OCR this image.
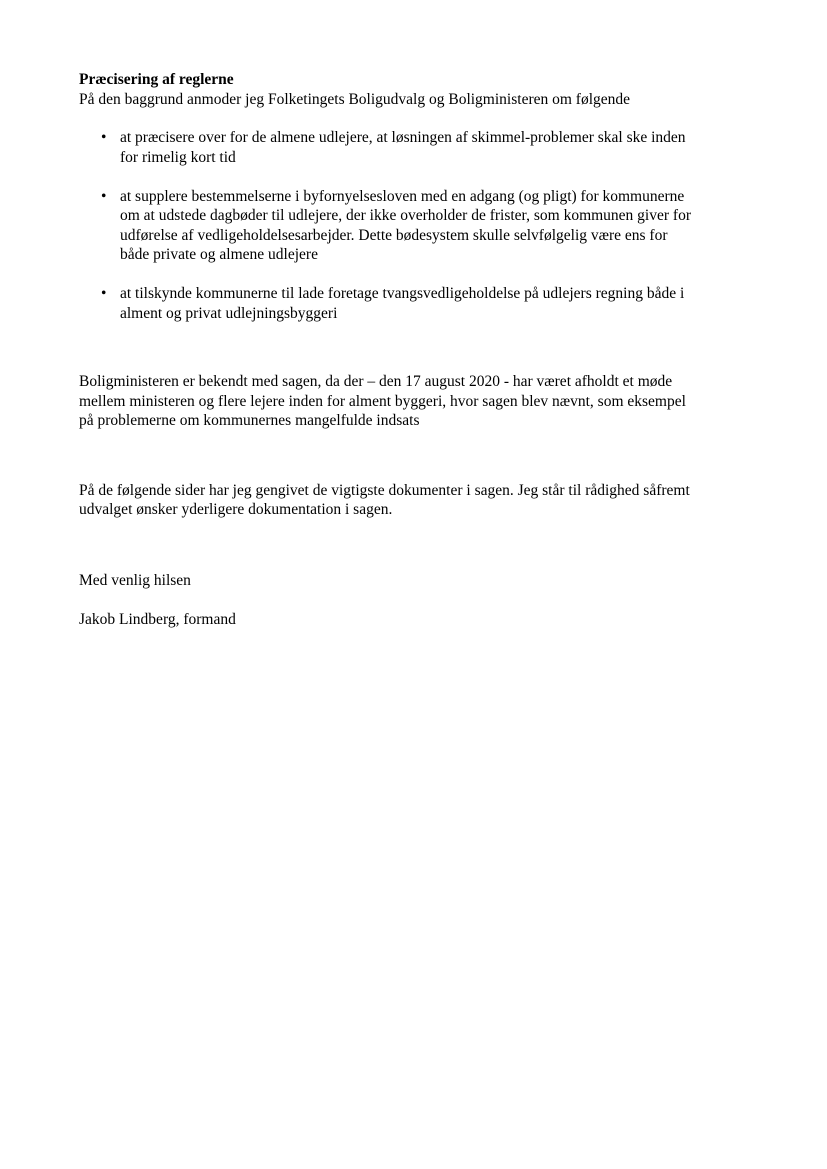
Præcisering af reglerne

På den baggrund anmoder jeg Folketingets Boligudvalg og Boligministeren om følgende

• at præcisere over for de almene udlejere, at løsningen af skimmel-problemer skal ske inden
for rimelig kort tid
• at supplere bestemmelserne i byfornyelsesloven med en adgang (og pligt) for kommunerne
om at udstede dagbøder til udlejere, der ikke overholder de frister, som kommunen giver for
udførelse af vedligeholdelsesarbejder. Dette bødesystem skulle selvfølgelig være ens for
både private og almene udlejere
• at tilskynde kommunerne til lade foretage tvangsvedligeholdelse på udlejers regning både i
alment og privat udlejningsbyggeri
Boligministeren er bekendt med sagen, da der – den 17 august 2020 - har været afholdt et møde
mellem ministeren og flere lejere inden for alment byggeri, hvor sagen blev nævnt, som eksempel
på problemerne om kommunernes mangelfulde indsats
På de følgende sider har jeg gengivet de vigtigste dokumenter i sagen. Jeg står til rådighed såfremt
udvalget ønsker yderligere dokumentation i sagen.

Med venlig hilsen

Jakob Lindberg, formand
